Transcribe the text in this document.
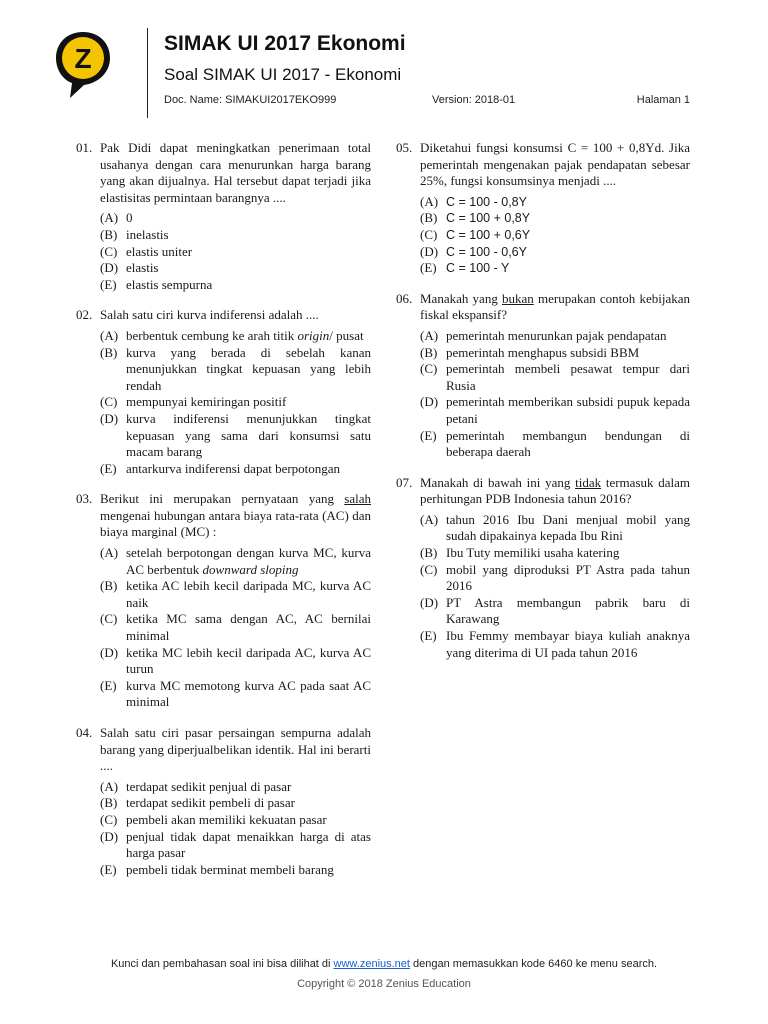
Z	SIMAK UI 2017 Ekonomi
Soal SIMAK UI 2017 - Ekonomi
Doc. Name: SIMAKUI2017EKO999	Version: 2018-01	Halaman 1
01. Pak Didi dapat meningkatkan penerimaan total usahanya dengan cara menurunkan harga barang yang akan dijualnya. Hal tersebut dapat terjadi jika elastisitas permintaan barangnya ....
(A) 0
(B) inelastis
(C) elastis uniter
(D) elastis
(E) elastis sempurna
02. Salah satu ciri kurva indiferensi adalah ....
(A) berbentuk cembung ke arah titik origin/ pusat
(B) kurva yang berada di sebelah kanan menunjukkan tingkat kepuasan yang lebih rendah
(C) mempunyai kemiringan positif
(D) kurva indiferensi menunjukkan tingkat kepuasan yang sama dari konsumsi satu macam barang
(E) antarkurva indiferensi dapat berpotongan
03. Berikut ini merupakan pernyataan yang salah mengenai hubungan antara biaya rata-rata (AC) dan biaya marginal (MC) :
(A) setelah berpotongan dengan kurva MC, kurva AC berbentuk downward sloping
(B) ketika AC lebih kecil daripada MC, kurva AC naik
(C) ketika MC sama dengan AC, AC bernilai minimal
(D) ketika MC lebih kecil daripada AC, kurva AC turun
(E) kurva MC memotong kurva AC pada saat AC minimal
04. Salah satu ciri pasar persaingan sempurna adalah barang yang diperjualbelikan identik. Hal ini berarti ....
(A) terdapat sedikit penjual di pasar
(B) terdapat sedikit pembeli di pasar
(C) pembeli akan memiliki kekuatan pasar
(D) penjual tidak dapat menaikkan harga di atas harga pasar
(E) pembeli tidak berminat membeli barang
05. Diketahui fungsi konsumsi C = 100 + 0,8Yd. Jika pemerintah mengenakan pajak pendapatan sebesar 25%, fungsi konsumsinya menjadi ....
(A) C = 100 - 0,8Y
(B) C = 100 + 0,8Y
(C) C = 100 + 0,6Y
(D) C = 100 - 0,6Y
(E) C = 100 - Y
06. Manakah yang bukan merupakan contoh kebijakan fiskal ekspansif?
(A) pemerintah menurunkan pajak pendapatan
(B) pemerintah menghapus subsidi BBM
(C) pemerintah membeli pesawat tempur dari Rusia
(D) pemerintah memberikan subsidi pupuk kepada petani
(E) pemerintah membangun bendungan di beberapa daerah
07. Manakah di bawah ini yang tidak termasuk dalam perhitungan PDB Indonesia tahun 2016?
(A) tahun 2016 Ibu Dani menjual mobil yang sudah dipakainya kepada Ibu Rini
(B) Ibu Tuty memiliki usaha katering
(C) mobil yang diproduksi PT Astra pada tahun 2016
(D) PT Astra membangun pabrik baru di Karawang
(E) Ibu Femmy membayar biaya kuliah anaknya yang diterima di UI pada tahun 2016
Kunci dan pembahasan soal ini bisa dilihat di www.zenius.net dengan memasukkan kode 6460 ke menu search.
Copyright © 2018 Zenius Education
